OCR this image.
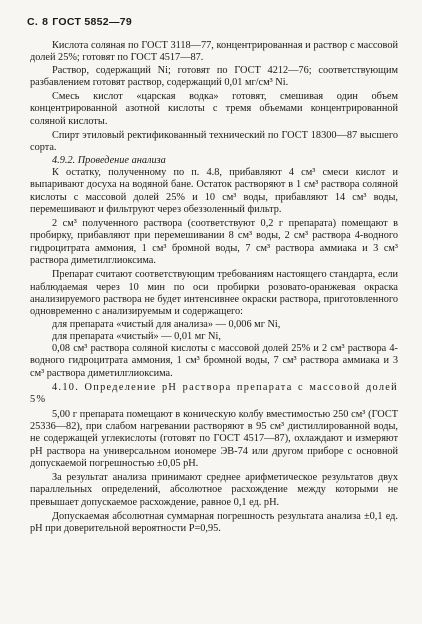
С. 8 ГОСТ 5852—79

Кислота соляная по ГОСТ 3118—77, концентрированная и раствор с массовой долей 25%; готовят по ГОСТ 4517—87.

Раствор, содержащий Ni; готовят по ГОСТ 4212—76; соответствующим разбавлением готовят раствор, содержащий 0,01 мг/см³ Ni.

Смесь кислот «царская водка» готовят, смешивая один объем концентрированной азотной кислоты с тремя объемами концентрированной соляной кислоты.

Спирт этиловый ректификованный технический по ГОСТ 18300—87 высшего сорта.

4.9.2. Проведение анализа

К остатку, полученному по п. 4.8, прибавляют 4 см³ смеси кислот и выпаривают досуха на водяной бане. Остаток растворяют в 1 см³ раствора соляной кислоты с массовой долей 25% и 10 см³ воды, прибавляют 14 см³ воды, перемешивают и фильтруют через обеззоленный фильтр.

2 см³ полученного раствора (соответствуют 0,2 г препарата) помещают в пробирку, прибавляют при перемешивании 8 см³ воды, 2 см³ раствора 4-водного гидроцитрата аммония, 1 см³ бромной воды, 7 см³ раствора аммиака и 3 см³ раствора диметилглиоксима.

Препарат считают соответствующим требованиям настоящего стандарта, если наблюдаемая через 10 мин по оси пробирки розовато-оранжевая окраска анализируемого раствора не будет интенсивнее окраски раствора, приготовленного одновременно с анализируемым и содержащего:

для препарата «чистый для анализа» — 0,006 мг Ni,

для препарата «чистый» — 0,01 мг Ni,

0,08 см³ раствора соляной кислоты с массовой долей 25% и 2 см³ раствора 4-водного гидроцитрата аммония, 1 см³ бромной воды, 7 см³ раствора аммиака и 3 см³ раствора диметилглиоксима.

4.10. Определение pH раствора препарата с массовой долей 5%

5,00 г препарата помещают в коническую колбу вместимостью 250 см³ (ГОСТ 25336—82), при слабом нагревании растворяют в 95 см³ дистиллированной воды, не содержащей углекислоты (готовят по ГОСТ 4517—87), охлаждают и измеряют pH раствора на универсальном иономере ЭВ-74 или другом приборе с основной допускаемой погрешностью ±0,05 pH.

За результат анализа принимают среднее арифметическое результатов двух параллельных определений, абсолютное расхождение между которыми не превышает допускаемое расхождение, равное 0,1 ед. pH.

Допускаемая абсолютная суммарная погрешность результата анализа ±0,1 ед. pH при доверительной вероятности P=0,95.
